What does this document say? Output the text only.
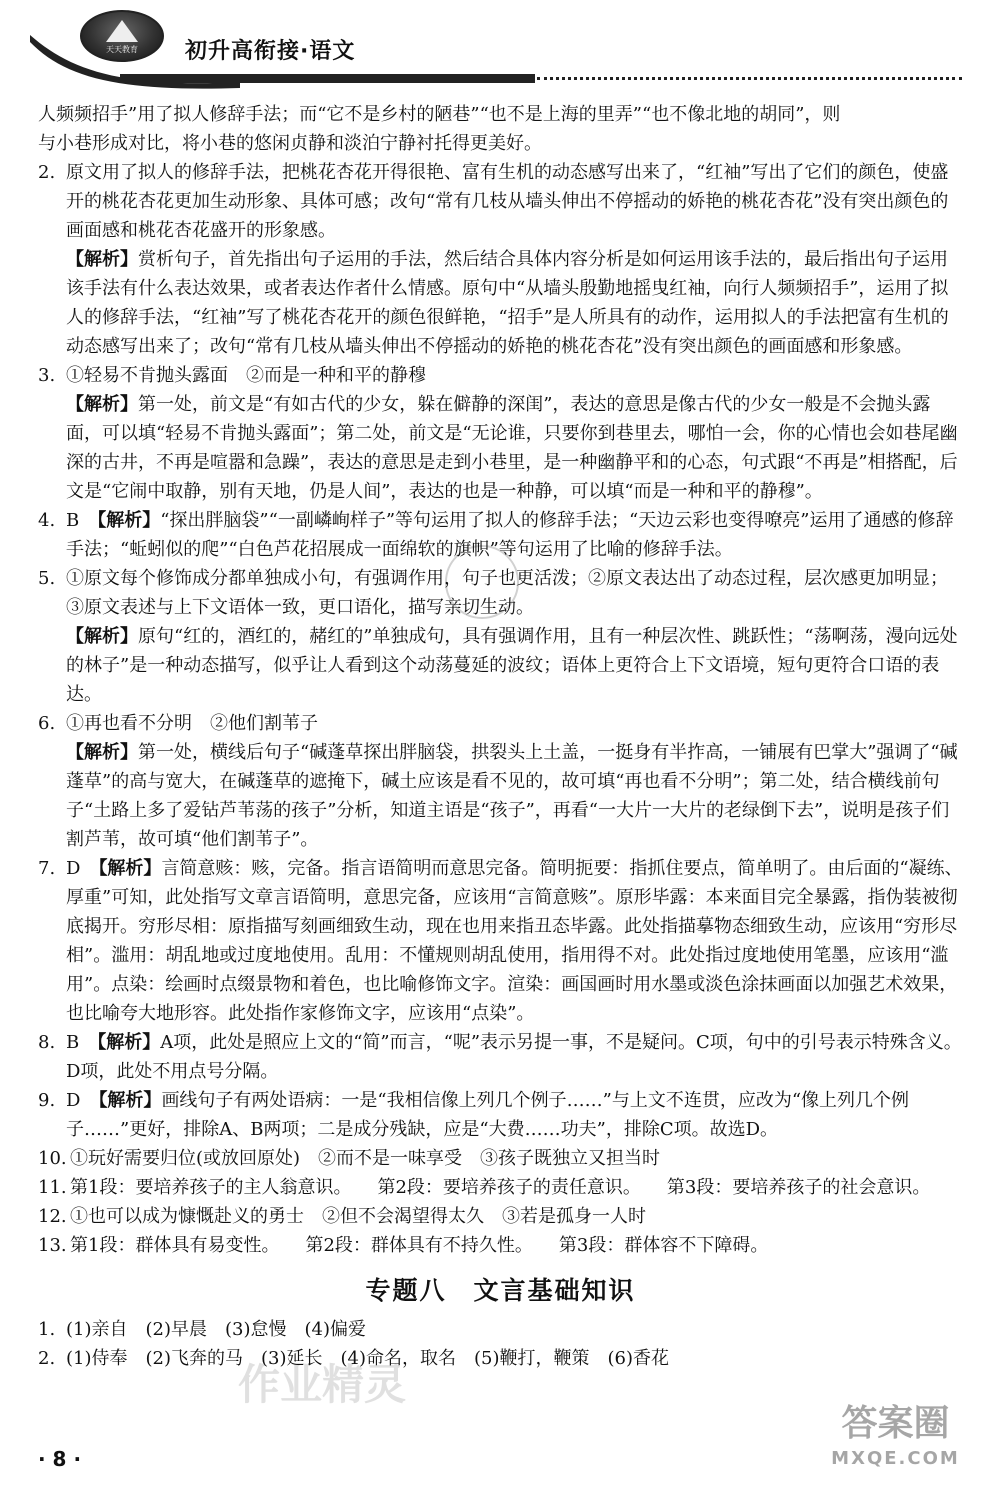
天天教育	初升高衔接·语文

人频频招手”用了拟人修辞手法；而“它不是乡村的陋巷”“也不是上海的里弄”“也不像北地的胡同”，则

与小巷形成对比，将小巷的悠闲贞静和淡泊宁静衬托得更美好。

2. 原文用了拟人的修辞手法，把桃花杏花开得很艳、富有生机的动态感写出来了，“红袖”写出了它们的颜色，使盛开的桃花杏花更加生动形象、具体可感；改句“常有几枝从墙头伸出不停摇动的娇艳的桃花杏花”没有突出颜色的画面感和桃花杏花盛开的形象感。

【解析】赏析句子，首先指出句子运用的手法，然后结合具体内容分析是如何运用该手法的，最后指出句子运用该手法有什么表达效果，或者表达作者什么情感。原句中“从墙头殷勤地摇曳红袖，向行人频频招手”，运用了拟人的修辞手法，“红袖”写了桃花杏花开的颜色很鲜艳，“招手”是人所具有的动作，运用拟人的手法把富有生机的动态感写出来了；改句“常有几枝从墙头伸出不停摇动的娇艳的桃花杏花”没有突出颜色的画面感和形象感。

3. ①轻易不肯抛头露面　②而是一种和平的静穆

【解析】第一处，前文是“有如古代的少女，躲在僻静的深闺”，表达的意思是像古代的少女一般是不会抛头露面，可以填“轻易不肯抛头露面”；第二处，前文是“无论谁，只要你到巷里去，哪怕一会，你的心情也会如巷尾幽深的古井，不再是喧嚣和急躁”，表达的意思是走到小巷里，是一种幽静平和的心态，句式跟“不再是”相搭配，后文是“它闹中取静，别有天地，仍是人间”，表达的也是一种静，可以填“而是一种和平的静穆”。

4. B　 【解析】“探出胖脑袋”“一副嶙峋样子”等句运用了拟人的修辞手法；“天边云彩也变得嘹亮”运用了通感的修辞手法；“蚯蚓似的爬”“白色芦花招展成一面绵软的旗帜”等句运用了比喻的修辞手法。
5. ①原文每个修饰成分都单独成小句，有强调作用，句子也更活泼；②原文表达出了动态过程，层次感更加明显；③原文表述与上下文语体一致，更口语化，描写亲切生动。

【解析】原句“红的，酒红的，赭红的”单独成句，具有强调作用，且有一种层次性、跳跃性；“荡啊荡，漫向远处的林子”是一种动态描写，似乎让人看到这个动荡蔓延的波纹；语体上更符合上下文语境，短句更符合口语的表达。

6. ①再也看不分明　②他们割苇子

【解析】第一处，横线后句子“碱蓬草探出胖脑袋，拱裂头上土盖，一挺身有半拃高，一铺展有巴掌大”强调了“碱蓬草”的高与宽大，在碱蓬草的遮掩下，碱土应该是看不见的，故可填“再也看不分明”；第二处，结合横线前句子“土路上多了爱钻芦苇荡的孩子”分析，知道主语是“孩子”，再看“一大片一大片的老绿倒下去”，说明是孩子们割芦苇，故可填“他们割苇子”。

7. D　 【解析】言简意赅：赅，完备。指言语简明而意思完备。简明扼要：指抓住要点，简单明了。由后面的“凝练、厚重”可知，此处指写文章言语简明，意思完备，应该用“言简意赅”。原形毕露：本来面目完全暴露，指伪装被彻底揭开。穷形尽相：原指描写刻画细致生动，现在也用来指丑态毕露。此处指描摹物态细致生动，应该用“穷形尽相”。滥用：胡乱地或过度地使用。乱用：不懂规则胡乱使用，指用得不对。此处指过度地使用笔墨，应该用“滥用”。点染：绘画时点缀景物和着色，也比喻修饰文字。渲染：画国画时用水墨或淡色涂抹画面以加强艺术效果，也比喻夸大地形容。此处指作家修饰文字，应该用“点染”。
8. B　 【解析】A项，此处是照应上文的“简”而言，“呢”表示另提一事，不是疑问。C项，句中的引号表示特殊含义。D项，此处不用点号分隔。
9. D　 【解析】画线句子有两处语病：一是“我相信像上列几个例子……”与上文不连贯，应改为“像上列几个例子……”更好，排除A、B两项；二是成分残缺，应是“大费……功夫”，排除C项。故选D。
10. ①玩好需要归位(或放回原处)　②而不是一味享受　③孩子既独立又担当时
11. 第1段：要培养孩子的主人翁意识。 第2段：要培养孩子的责任意识。 第3段：要培养孩子的社会意识。
12. ①也可以成为慷慨赴义的勇士　②但不会渴望得太久　③若是孤身一人时
13. 第1段：群体具有易变性。 第2段：群体具有不持久性。 第3段：群体容不下障碍。
专题八　文言基础知识
1. (1)亲自　(2)早晨　(3)怠慢　(4)偏爱
2. (1)侍奉　(2)飞奔的马　(3)延长　(4)命名，取名　(5)鞭打，鞭策　(6)香花
作业精灵
答案圈
MXQE.COM
· 8 ·
